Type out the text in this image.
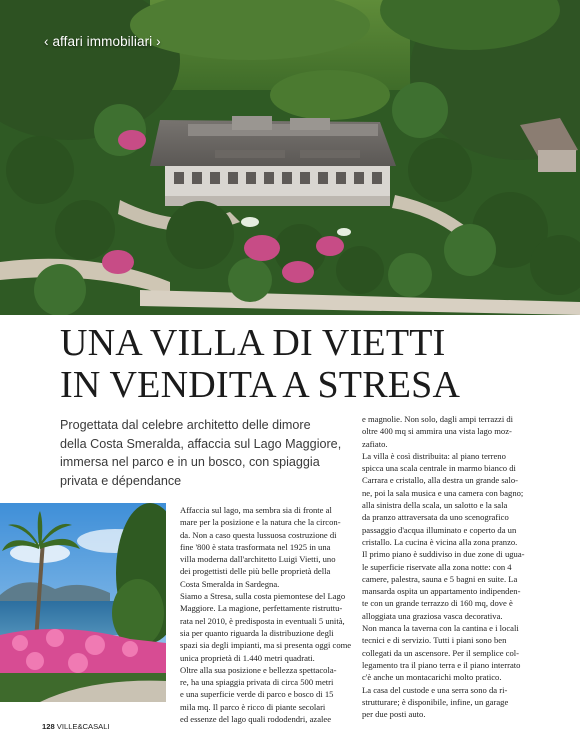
‹ affari immobiliari ›
UNA VILLA DI VIETTI
IN VENDITA A STRESA
Progettata dal celebre architetto delle dimore
della Costa Smeralda, affaccia sul Lago Maggiore,
immersa nel parco e in un bosco, con spiaggia
privata e dépendance
Affaccia sul lago, ma sembra sia di fronte al
mare per la posizione e la natura che la circon-
da. Non a caso questa lussuosa costruzione di
fine '800 è stata trasformata nel 1925 in una
villa moderna dall'architetto Luigi Vietti, uno
dei progettisti delle più belle proprietà della
Costa Smeralda in Sardegna.
Siamo a Stresa, sulla costa piemontese del Lago
Maggiore. La magione, perfettamente ristruttu-
rata nel 2010, è predisposta in eventuali 5 unità,
sia per quanto riguarda la distribuzione degli
spazi sia degli impianti, ma si presenta oggi come
unica proprietà di 1.440 metri quadrati.
Oltre alla sua posizione e bellezza spettacola-
re, ha una spiaggia privata di circa 500 metri
e una superficie verde di parco e bosco di 15
mila mq. Il parco è ricco di piante secolari
ed essenze del lago quali rododendri, azalee
e magnolie. Non solo, dagli ampi terrazzi di
oltre 400 mq si ammira una vista lago moz-
zafiato.
La villa è così distribuita: al piano terreno
spicca una scala centrale in marmo bianco di
Carrara e cristallo, alla destra un grande salo-
ne, poi la sala musica e una camera con bagno;
alla sinistra della scala, un salotto e la sala
da pranzo attraversata da uno scenografico
passaggio d'acqua illuminato e coperto da un
cristallo. La cucina è vicina alla zona pranzo.
Il primo piano è suddiviso in due zone di ugua-
le superficie riservate alla zona notte: con 4
camere, palestra, sauna e 5 bagni en suite. La
mansarda ospita un appartamento indipenden-
te con un grande terrazzo di 160 mq, dove è
alloggiata una graziosa vasca decorativa.
Non manca la taverna con la cantina e i locali
tecnici e di servizio. Tutti i piani sono ben
collegati da un ascensore. Per il semplice col-
legamento tra il piano terra e il piano interrato
c'è anche un montacarichi molto pratico.
La casa del custode e una serra sono da ri-
strutturare; è disponibile, infine, un garage
per due posti auto.
128 VILLE&CASALI
